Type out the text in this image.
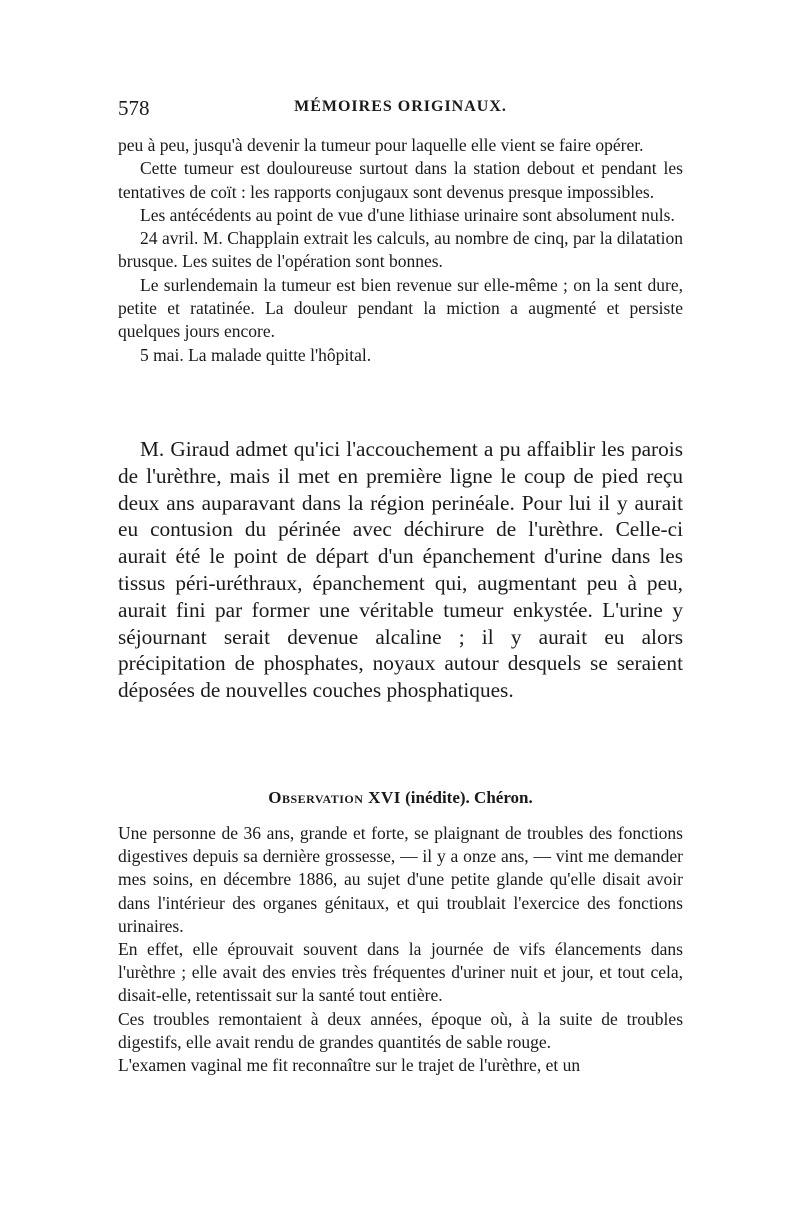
578	MÉMOIRES ORIGINAUX.

peu à peu, jusqu'à devenir la tumeur pour laquelle elle vient se faire opérer.

Cette tumeur est douloureuse surtout dans la station debout et pendant les tentatives de coït : les rapports conjugaux sont devenus presque impossibles.

Les antécédents au point de vue d'une lithiase urinaire sont absolument nuls.

24 avril. M. Chapplain extrait les calculs, au nombre de cinq, par la dilatation brusque. Les suites de l'opération sont bonnes.

Le surlendemain la tumeur est bien revenue sur elle-même ; on la sent dure, petite et ratatinée. La douleur pendant la miction a augmenté et persiste quelques jours encore.

5 mai. La malade quitte l'hôpital.

M. Giraud admet qu'ici l'accouchement a pu affaiblir les parois de l'urèthre, mais il met en première ligne le coup de pied reçu deux ans auparavant dans la région perinéale. Pour lui il y aurait eu contusion du périnée avec déchirure de l'urèthre. Celle-ci aurait été le point de départ d'un épanchement d'urine dans les tissus péri-uréthraux, épanchement qui, augmentant peu à peu, aurait fini par former une véritable tumeur enkystée. L'urine y séjournant serait devenue alcaline ; il y aurait eu alors précipitation de phosphates, noyaux autour desquels se seraient déposées de nouvelles couches phosphatiques.

Observation XVI (inédite). Chéron.

Une personne de 36 ans, grande et forte, se plaignant de troubles des fonctions digestives depuis sa dernière grossesse, — il y a onze ans, — vint me demander mes soins, en décembre 1886, au sujet d'une petite glande qu'elle disait avoir dans l'intérieur des organes génitaux, et qui troublait l'exercice des fonctions urinaires.

En effet, elle éprouvait souvent dans la journée de vifs élancements dans l'urèthre ; elle avait des envies très fréquentes d'uriner nuit et jour, et tout cela, disait-elle, retentissait sur la santé tout entière.

Ces troubles remontaient à deux années, époque où, à la suite de troubles digestifs, elle avait rendu de grandes quantités de sable rouge.

L'examen vaginal me fit reconnaître sur le trajet de l'urèthre, et un
